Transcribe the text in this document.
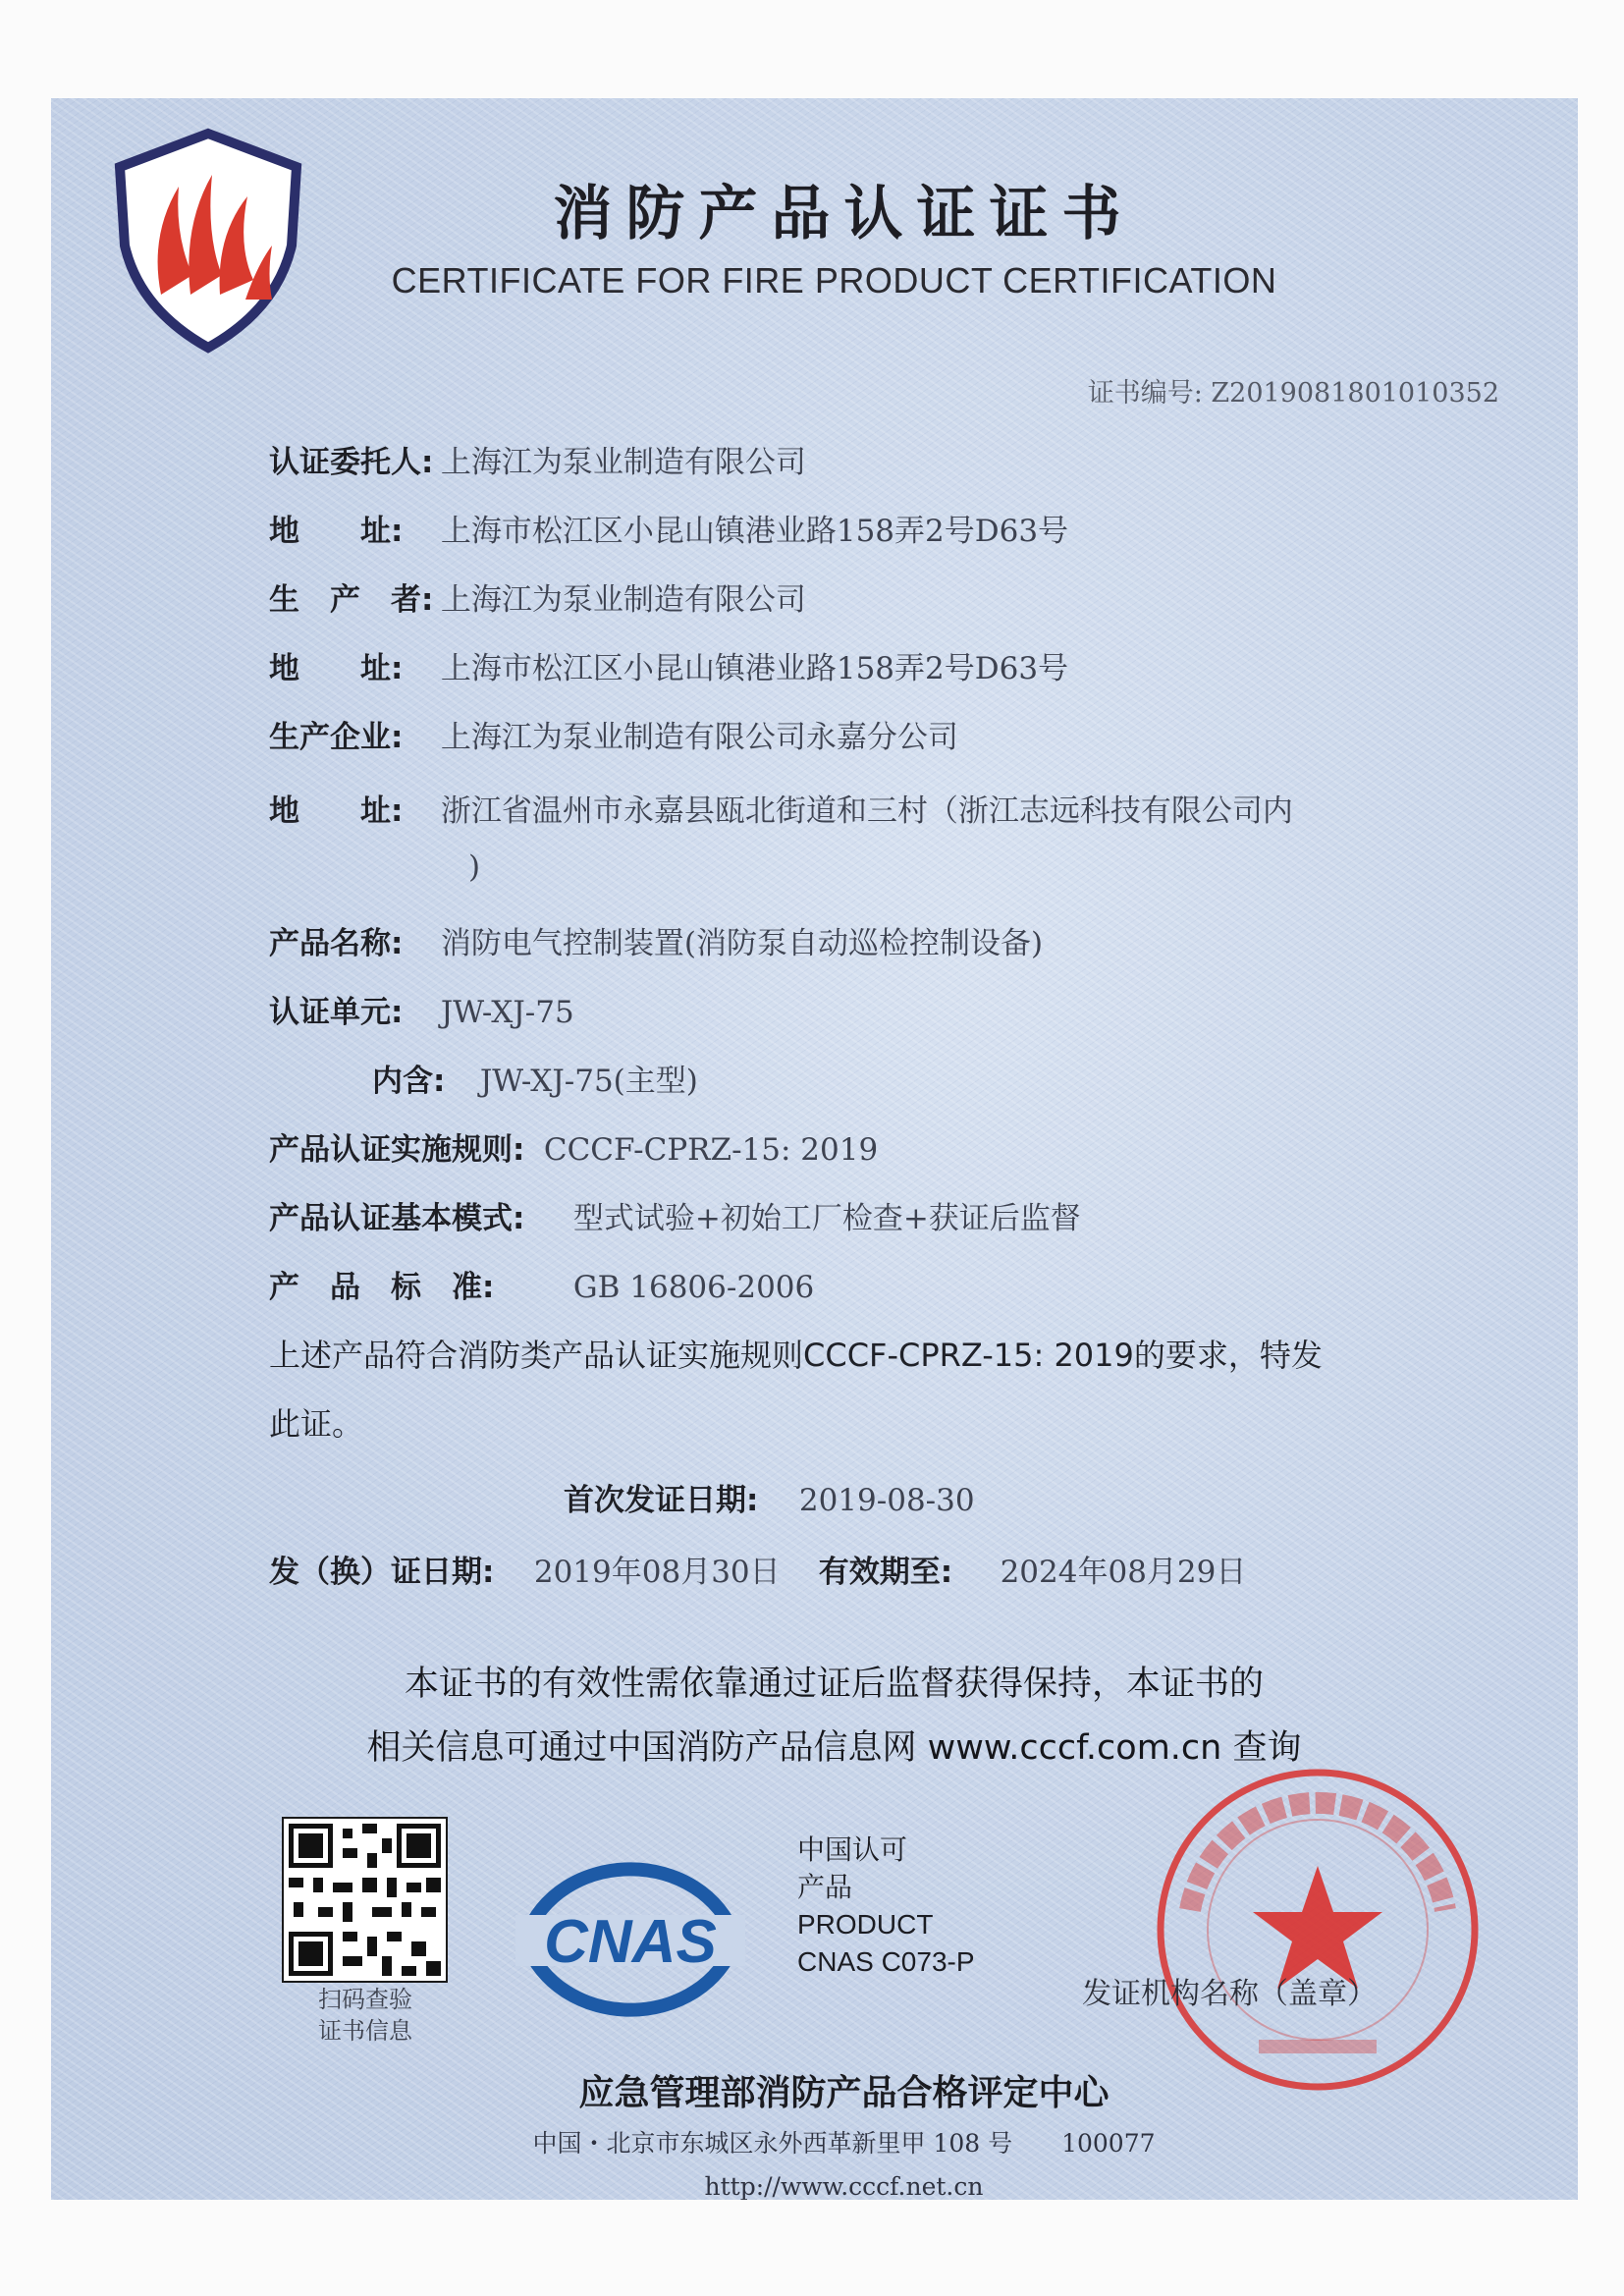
消防产品认证证书
CERTIFICATE FOR FIRE PRODUCT CERTIFICATION
证书编号: Z2019081801010352
认证委托人: 上海江为泵业制造有限公司
地　　址: 上海市松江区小昆山镇港业路158弄2号D63号
生　产　者: 上海江为泵业制造有限公司
地　　址: 上海市松江区小昆山镇港业路158弄2号D63号
生产企业: 上海江为泵业制造有限公司永嘉分公司
地　　址: 浙江省温州市永嘉县瓯北街道和三村（浙江志远科技有限公司内
)
产品名称: 消防电气控制装置(消防泵自动巡检控制设备)
认证单元: JW-XJ-75
内含: JW-XJ-75(主型)
产品认证实施规则: CCCF-CPRZ-15: 2019
产品认证基本模式: 型式试验+初始工厂检查+获证后监督
产　品　标　准:	GB 16806-2006
上述产品符合消防类产品认证实施规则CCCF-CPRZ-15: 2019的要求，特发
此证。
首次发证日期: 2019-08-30
发（换）证日期: 2019年08月30日 有效期至: 2024年08月29日
本证书的有效性需依靠通过证后监督获得保持，本证书的
相关信息可通过中国消防产品信息网 www.cccf.com.cn 查询
扫码查验
证书信息
CNAS
中国认可
产品
PRODUCT
CNAS C073-P
发证机构名称（盖章）
应急管理部消防产品合格评定中心
中国・北京市东城区永外西革新里甲 108 号　　100077
http://www.cccf.net.cn
